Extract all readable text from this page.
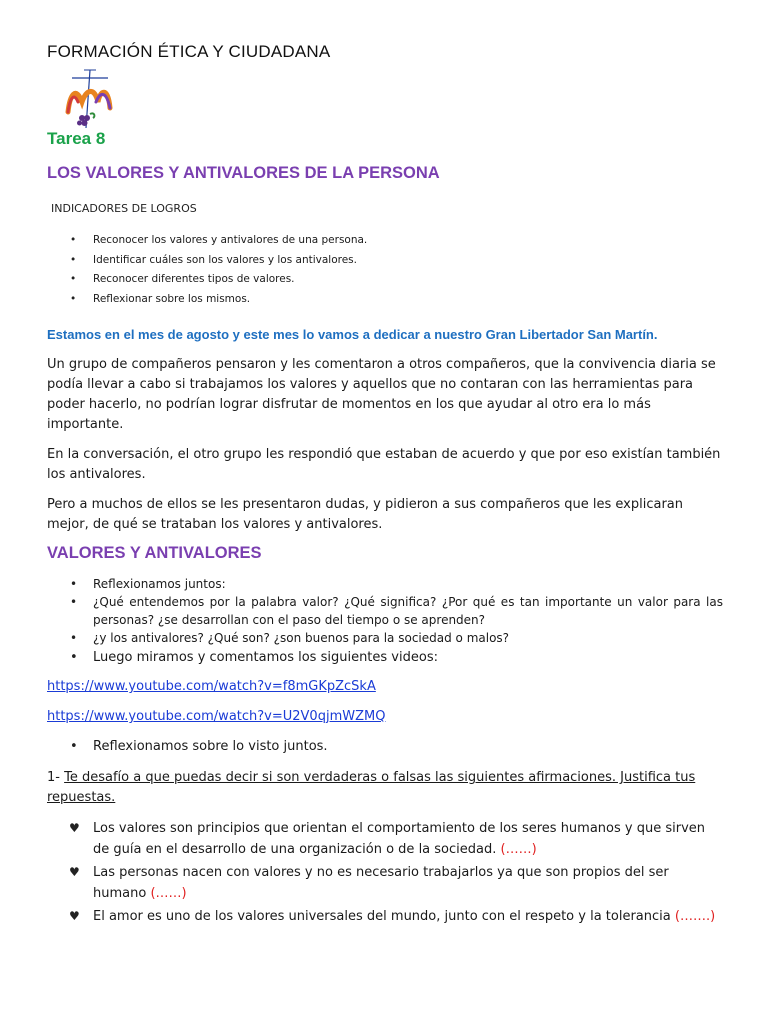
FORMACIÓN ÉTICA Y CIUDADANA
Tarea 8
LOS VALORES Y ANTIVALORES DE LA PERSONA
INDICADORES DE LOGROS
• Reconocer los valores y antivalores de una persona.
• Identificar cuáles son los valores y los antivalores.
• Reconocer diferentes tipos de valores.
• Reflexionar sobre los mismos.
Estamos en el mes de agosto y este mes lo vamos a dedicar a nuestro Gran Libertador San Martín.
Un grupo de compañeros pensaron y les comentaron a otros compañeros, que la convivencia diaria se podía llevar a cabo si trabajamos los valores y aquellos que no contaran con las herramientas para poder hacerlo, no podrían lograr disfrutar de momentos en los que ayudar al otro era lo más importante.
En la conversación, el otro grupo les respondió que estaban de acuerdo y que por eso existían también los antivalores.
Pero a muchos de ellos se les presentaron dudas, y pidieron a sus compañeros que les explicaran mejor, de qué se trataban los valores y antivalores.
VALORES Y ANTIVALORES
• Reflexionamos juntos:
• ¿Qué entendemos por la palabra valor? ¿Qué significa? ¿Por qué es tan importante un valor para las personas? ¿se desarrollan con el paso del tiempo o se aprenden?
• ¿y los antivalores? ¿Qué son? ¿son buenos para la sociedad o malos?
• Luego miramos y comentamos los siguientes videos:
https://www.youtube.com/watch?v=f8mGKpZcSkA
https://www.youtube.com/watch?v=U2V0qjmWZMQ
• Reflexionamos sobre lo visto juntos.
1- Te desafío a que puedas decir si son verdaderas o falsas las siguientes afirmaciones. Justifica tus repuestas.
♥ Los valores son principios que orientan el comportamiento de los seres humanos y que sirven de guía en el desarrollo de una organización o de la sociedad. (……)
♥ Las personas nacen con valores y no es necesario trabajarlos ya que son propios del ser humano (……)
♥ El amor es uno de los valores universales del mundo, junto con el respeto y la tolerancia (…….)
